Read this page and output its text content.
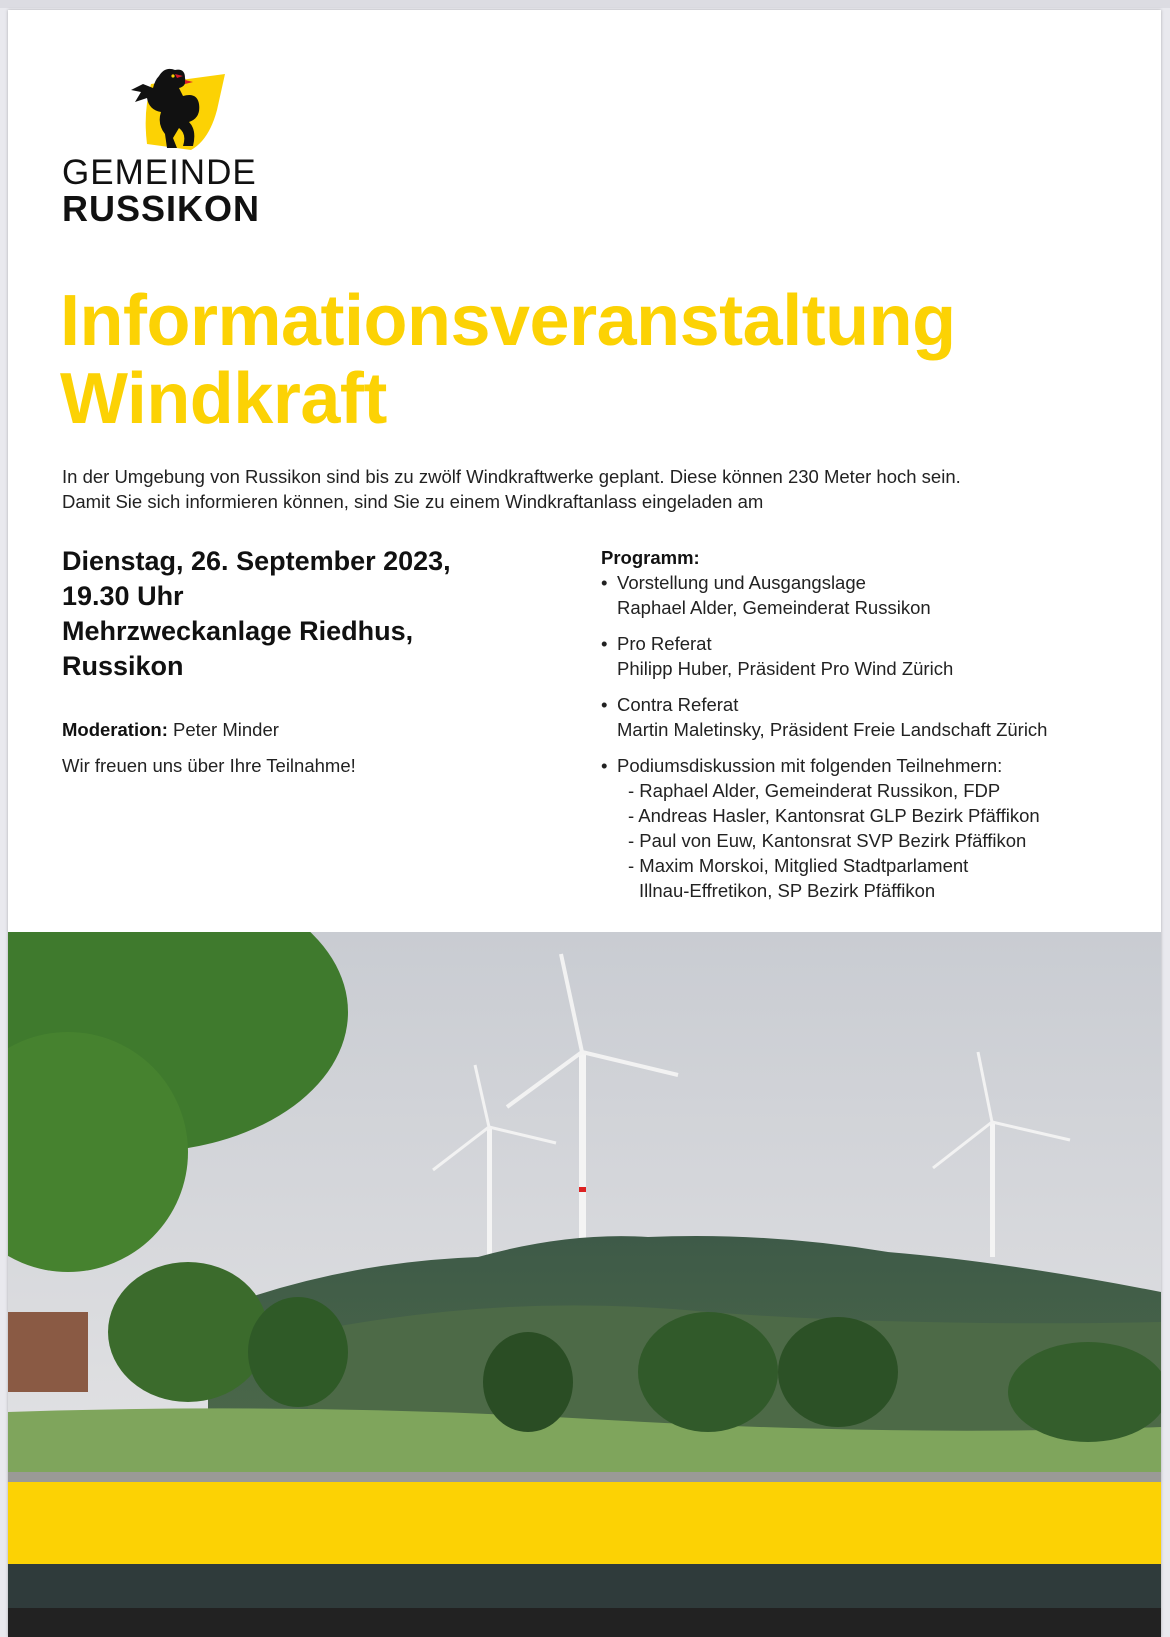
GEMEINDE
RUSSIKON
Informationsveranstaltung
Windkraft
In der Umgebung von Russikon sind bis zu zwölf Windkraftwerke geplant. Diese können 230 Meter hoch sein.
Damit Sie sich informieren können, sind Sie zu einem Windkraftanlass eingeladen am
Dienstag, 26. September 2023,
19.30 Uhr
Mehrzweckanlage Riedhus,
Russikon
Moderation: Peter Minder
Wir freuen uns über Ihre Teilnahme!
Programm:
• Vorstellung und Ausgangslage
Raphael Alder, Gemeinderat Russikon
• Pro Referat
Philipp Huber, Präsident Pro Wind Zürich
• Contra Referat
Martin Maletinsky, Präsident Freie Landschaft Zürich
• Podiumsdiskussion mit folgenden Teilnehmern:
- Raphael Alder, Gemeinderat Russikon, FDP
- Andreas Hasler, Kantonsrat GLP Bezirk Pfäffikon
- Paul von Euw, Kantonsrat SVP Bezirk Pfäffikon
- Maxim Morskoi, Mitglied Stadtparlament
Illnau-Effretikon, SP Bezirk Pfäffikon
